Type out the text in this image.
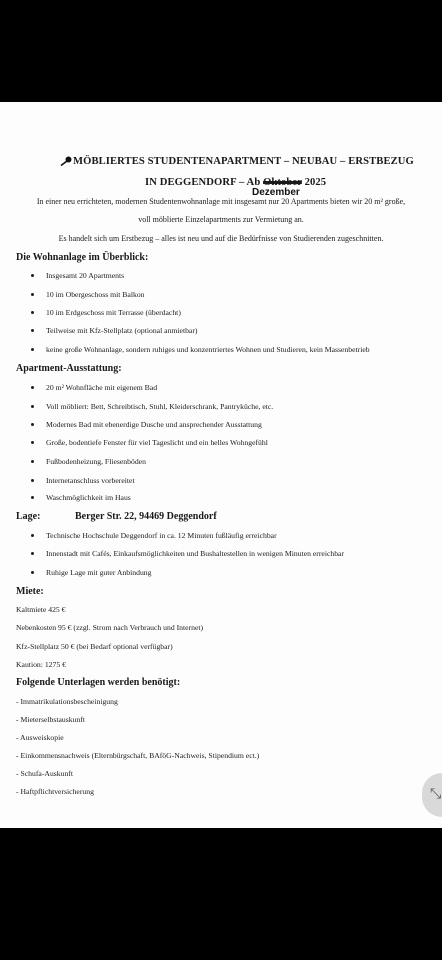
MÖBLIERTES STUDENTENAPARTMENT – NEUBAU – ERSTBEZUG
IN DEGGENDORF – Ab Oktober 2025
Dezember
In einer neu errichteten, modernen Studentenwohnanlage mit insgesamt nur 20 Apartments bieten wir 20 m² große,
voll möblierte Einzelapartments zur Vermietung an.
Es handelt sich um Erstbezug – alles ist neu und auf die Bedürfnisse von Studierenden zugeschnitten.
Die Wohnanlage im Überblick:
Insgesamt 20 Apartments
10 im Obergeschoss mit Balkon
10 im Erdgeschoss mit Terrasse (überdacht)
Teilweise mit Kfz-Stellplatz (optional anmietbar)
keine große Wohnanlage, sondern ruhiges und konzentriertes Wohnen und Studieren, kein Massenbetrieb
Apartment-Ausstattung:
20 m² Wohnfläche mit eigenem Bad
Voll möbliert: Bett, Schreibtisch, Stuhl, Kleiderschrank, Pantryküche, etc.
Modernes Bad mit ebenerdige Dusche und ansprechender Ausstattung
Große, bodentiefe Fenster für viel Tageslicht und ein helles Wohngefühl
Fußbodenheizung, Fliesenböden
Internetanschluss vorbereitet
Waschmöglichkeit im Haus
Lage:	Berger Str. 22, 94469 Deggendorf
Technische Hochschule Deggendorf in ca. 12 Minuten fußläufig erreichbar
Innenstadt mit Cafés, Einkaufsmöglichkeiten und Bushaltestellen in wenigen Minuten erreichbar
Ruhige Lage mit guter Anbindung
Miete:
Kaltmiete 425 €
Nebenkosten 95 € (zzgl. Strom nach Verbrauch und Internet)
Kfz-Stellplatz 50 € (bei Bedarf optional verfügbar)
Kaution: 1275 €
Folgende Unterlagen werden benötigt:
- Immatrikulationsbescheinigung
- Mieterselbstauskunft
- Ausweiskopie
- Einkommensnachweis (Elternbürgschaft, BAföG-Nachweis, Stipendium ect.)
- Schufa-Auskunft
- Haftpflichtversicherung	⤡
